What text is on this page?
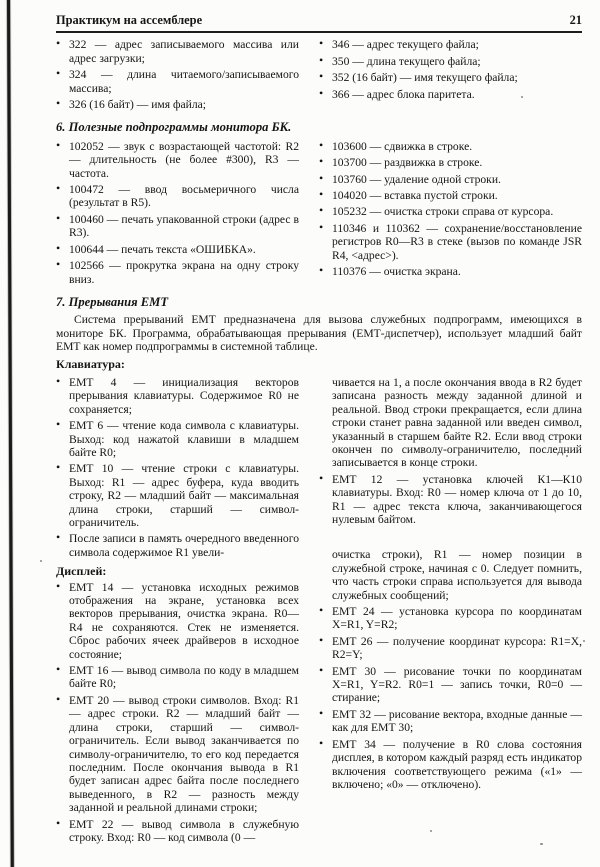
Практикум на ассемблере	21
• 322 — адрес записываемого массива или адрес загрузки;
• 324 — длина читаемого/записываемого массива;
• 326 (16 байт) — имя файла;
• 346 — адрес текущего файла;
• 350 — длина текущего файла;
• 352 (16 байт) — имя текущего файла;
• 366 — адрес блока паритета.
6. Полезные подпрограммы монитора БК.
• 102052 — звук с возрастающей частотой: R2 — длительность (не более #300), R3 — частота.
• 100472 — ввод восьмеричного числа (результат в R5).
• 100460 — печать упакованной строки (адрес в R3).
• 100644 — печать текста «ОШИБКА».
• 102566 — прокрутка экрана на одну строку вниз.
• 103600 — сдвижка в строке.
• 103700 — раздвижка в строке.
• 103760 — удаление одной строки.
• 104020 — вставка пустой строки.
• 105232 — очистка строки справа от курсора.
• 110346 и 110362 — сохранение/восстановление регистров R0—R3 в стеке (вызов по команде JSR R4, <адрес>).
• 110376 — очистка экрана.
7. Прерывания ЕМТ

Система прерываний ЕМТ предназначена для вызова служебных подпрограмм, имеющихся в мониторе БК. Программа, обрабатывающая прерывания (ЕМТ-диспетчер), использует младший байт ЕМТ как номер подпрограммы в системной таблице.

Клавиатура:
• ЕМТ 4 — инициализация векторов прерывания клавиатуры. Содержимое R0 не сохраняется;
• ЕМТ 6 — чтение кода символа с клавиатуры. Выход: код нажатой клавиши в младшем байте R0;
• ЕМТ 10 — чтение строки с клавиатуры. Выход: R1 — адрес буфера, куда вводить строку, R2 — младший байт — максимальная длина строки, старший — символ-ограничитель.
• После записи в память очередного введенного символа содержимое R1 увели-
Дисплей:
• ЕМТ 14 — установка исходных режимов отображения на экране, установка всех векторов прерывания, очистка экрана. R0—R4 не сохраняются. Стек не изменяется. Сброс рабочих ячеек драйверов в исходное состояние;
• ЕМТ 16 — вывод символа по коду в младшем байте R0;
• ЕМТ 20 — вывод строки символов. Вход: R1 — адрес строки. R2 — младший байт — длина строки, старший — символ-ограничитель. Если вывод заканчивается по символу-ограничителю, то его код передается последним. После окончания вывода в R1 будет записан адрес байта после последнего выведенного, в R2 — разность между заданной и реальной длинами строки;
• ЕМТ 22 — вывод символа в служебную строку. Вход: R0 — код символа (0 —
чивается на 1, а после окончания ввода в R2 будет записана разность между заданной длиной и реальной. Ввод строки прекращается, если длина строки станет равна заданной или введен символ, указанный в старшем байте R2. Если ввод строки окончен по символу-ограничителю, последний записывается в конце строки.
• ЕМТ 12 — установка ключей К1—К10 клавиатуры. Вход: R0 — номер ключа от 1 до 10, R1 — адрес текста ключа, заканчивающегося нулевым байтом.
очистка строки), R1 — номер позиции в служебной строке, начиная с 0. Следует помнить, что часть строки справа используется для вывода служебных сообщений;
• ЕМТ 24 — установка курсора по координатам X=R1, Y=R2;
• ЕМТ 26 — получение координат курсора: R1=X, R2=Y;
• ЕМТ 30 — рисование точки по координатам X=R1, Y=R2. R0=1 — запись точки, R0=0 — стирание;
• ЕМТ 32 — рисование вектора, входные данные — как для ЕМТ 30;
• ЕМТ 34 — получение в R0 слова состояния дисплея, в котором каждый разряд есть индикатор включения соответствующего режима («1» — включено; «0» — отключено).
